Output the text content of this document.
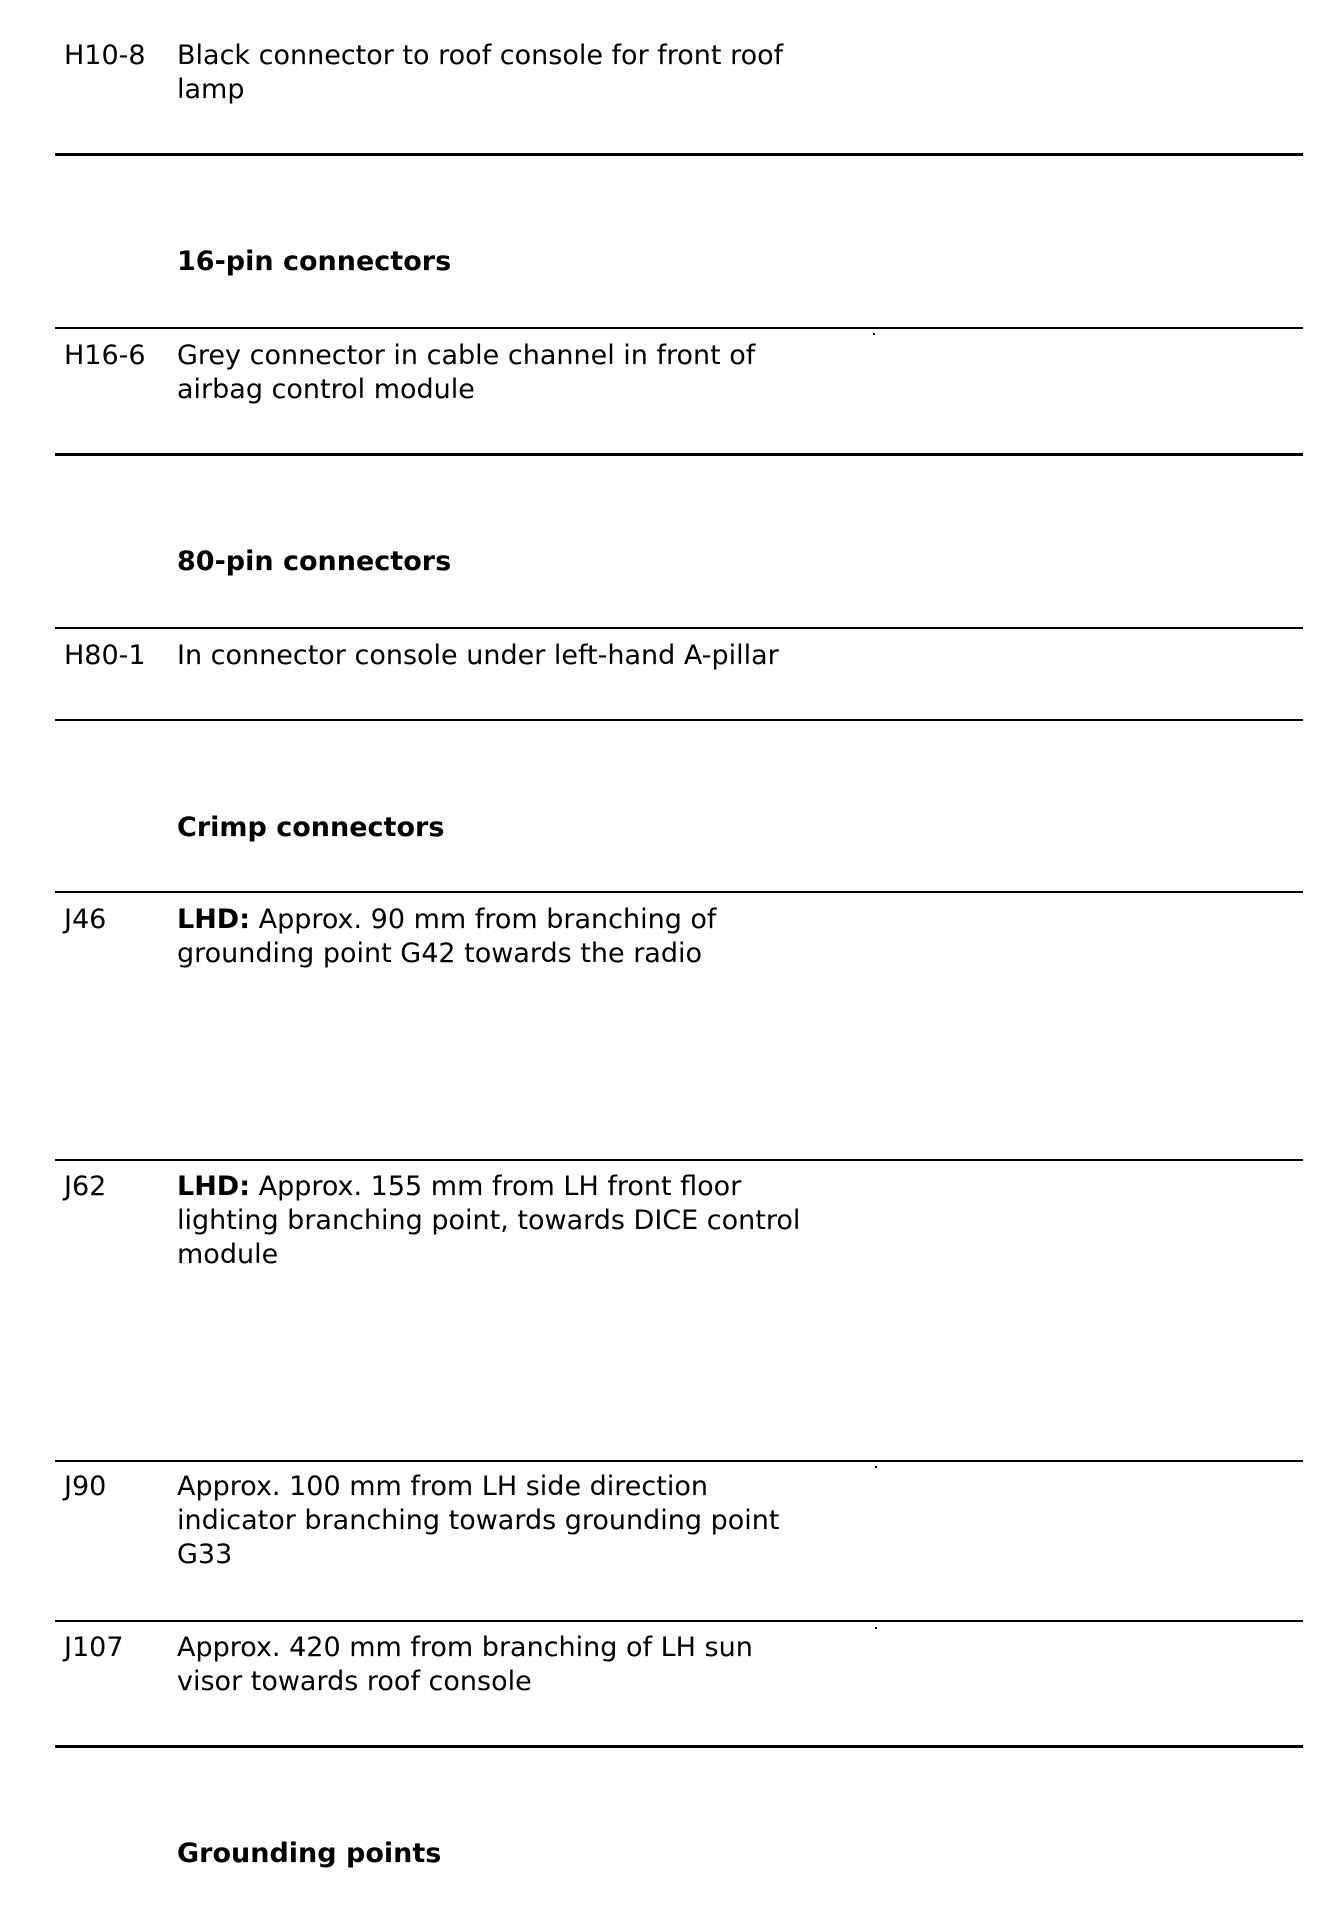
H10-8 Black connector to roof console for front roof
lamp
16-pin connectors
H16-6 Grey connector in cable channel in front of
airbag control module
80-pin connectors
H80-1 In connector console under left-hand A-pillar
Crimp connectors
J46	LHD: Approx. 90 mm from branching of
grounding point G42 towards the radio
J62	LHD: Approx. 155 mm from LH front floor
lighting branching point, towards DICE control
module
J90	Approx. 100 mm from LH side direction
indicator branching towards grounding point
G33
J107 Approx. 420 mm from branching of LH sun
visor towards roof console
Grounding points
